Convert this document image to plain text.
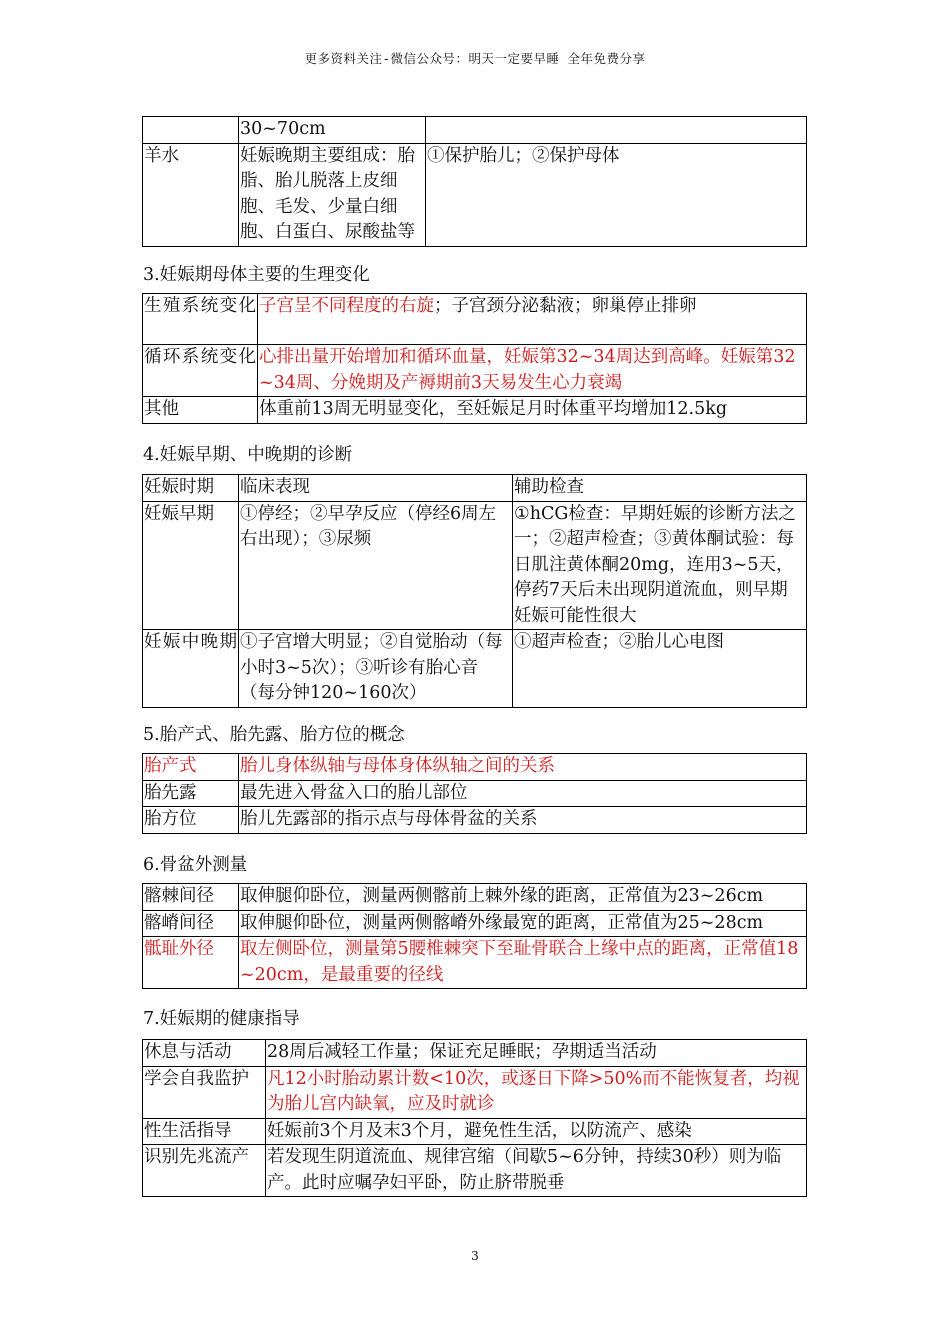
更多资料关注-微信公众号：明天一定要早睡 全年免费分享
	30~70cm	
羊水	妊娠晚期主要组成：胎脂、胎儿脱落上皮细胞、毛发、少量白细胞、白蛋白、尿酸盐等	①保护胎儿；②保护母体
3.妊娠期母体主要的生理变化
生殖系统变化	子宫呈不同程度的右旋；子宫颈分泌黏液；卵巢停止排卵
循环系统变化	心排出量开始增加和循环血量，妊娠第32~34周达到高峰。妊娠第32~34周、分娩期及产褥期前3天易发生心力衰竭
其他	体重前13周无明显变化，至妊娠足月时体重平均增加12.5kg
4.妊娠早期、中晚期的诊断
妊娠时期	临床表现	辅助检查
妊娠早期	①停经；②早孕反应（停经6周左右出现）；③尿频	①hCG检查：早期妊娠的诊断方法之一；②超声检查；③黄体酮试验：每日肌注黄体酮20mg，连用3~5天，停药7天后未出现阴道流血，则早期妊娠可能性很大
妊娠中晚期	①子宫增大明显；②自觉胎动（每小时3~5次）；③听诊有胎心音（每分钟120~160次）	①超声检查；②胎儿心电图
5.胎产式、胎先露、胎方位的概念
胎产式	胎儿身体纵轴与母体身体纵轴之间的关系
胎先露	最先进入骨盆入口的胎儿部位
胎方位	胎儿先露部的指示点与母体骨盆的关系
6.骨盆外测量
髂棘间径	取伸腿仰卧位，测量两侧髂前上棘外缘的距离，正常值为23~26cm
髂嵴间径	取伸腿仰卧位，测量两侧髂嵴外缘最宽的距离，正常值为25~28cm
骶耻外径	取左侧卧位，测量第5腰椎棘突下至耻骨联合上缘中点的距离，正常值18~20cm，是最重要的径线
7.妊娠期的健康指导
休息与活动	28周后减轻工作量；保证充足睡眠；孕期适当活动
学会自我监护	凡12小时胎动累计数<10次，或逐日下降>50%而不能恢复者，均视为胎儿宫内缺氧，应及时就诊
性生活指导	妊娠前3个月及末3个月，避免性生活，以防流产、感染
识别先兆流产	若发现生阴道流血、规律宫缩（间歇5~6分钟，持续30秒）则为临产。此时应嘱孕妇平卧，防止脐带脱垂
3
